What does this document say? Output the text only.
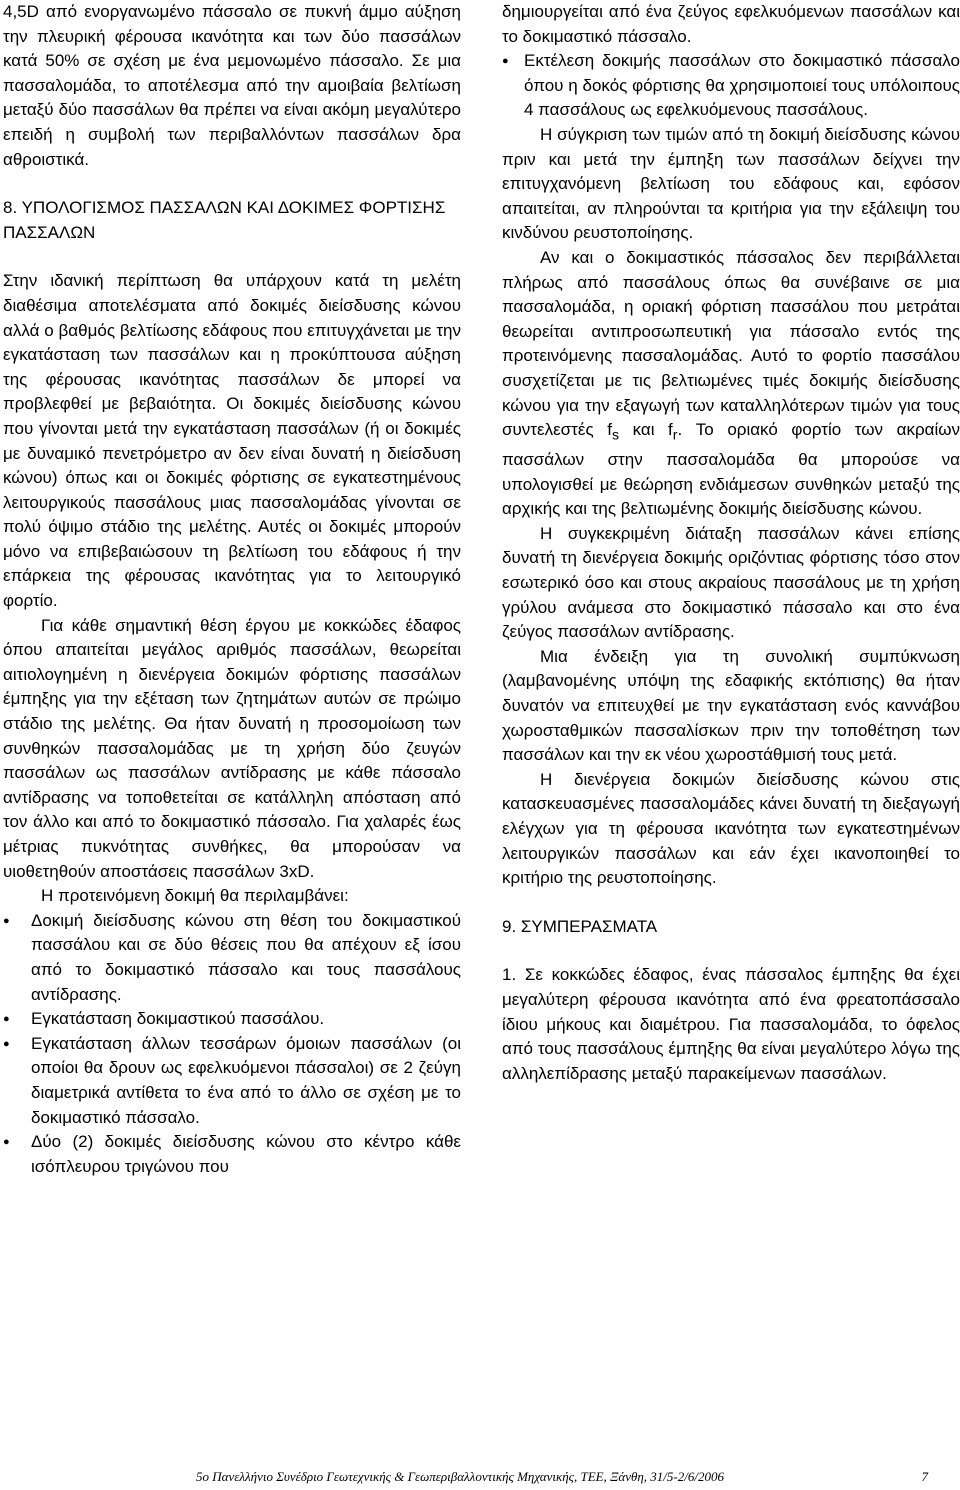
4,5D από ενοργανωμένο πάσσαλο σε πυκνή άμμο αύξηση την πλευρική φέρουσα ικανότητα και των δύο πασσάλων κατά 50% σε σχέση με ένα μεμονωμένο πάσσαλο. Σε μια πασσαλομάδα, το αποτέλεσμα από την αμοιβαία βελτίωση μεταξύ δύο πασσάλων θα πρέπει να είναι ακόμη μεγαλύτερο επειδή η συμβολή των περιβαλλόντων πασσάλων δρα αθροιστικά.

8. ΥΠΟΛΟΓΙΣΜΟΣ ΠΑΣΣΑΛΩΝ ΚΑΙ ΔΟΚΙΜΕΣ ΦΟΡΤΙΣΗΣ ΠΑΣΣΑΛΩΝ

Στην ιδανική περίπτωση θα υπάρχουν κατά τη μελέτη διαθέσιμα αποτελέσματα από δοκιμές διείσδυσης κώνου αλλά ο βαθμός βελτίωσης εδάφους που επιτυγχάνεται με την εγκατάσταση των πασσάλων και η προκύπτουσα αύξηση της φέρουσας ικανότητας πασσάλων δε μπορεί να προβλεφθεί με βεβαιότητα. Οι δοκιμές διείσδυσης κώνου που γίνονται μετά την εγκατάσταση πασσάλων (ή οι δοκιμές με δυναμικό πενετρόμετρο αν δεν είναι δυνατή η διείσδυση κώνου) όπως και οι δοκιμές φόρτισης σε εγκατεστημένους λειτουργικούς πασσάλους μιας πασσαλομάδας γίνονται σε πολύ όψιμο στάδιο της μελέτης. Αυτές οι δοκιμές μπορούν μόνο να επιβεβαιώσουν τη βελτίωση του εδάφους ή την επάρκεια της φέρουσας ικανότητας για το λειτουργικό φορτίο.

Για κάθε σημαντική θέση έργου με κοκκώδες έδαφος όπου απαιτείται μεγάλος αριθμός πασσάλων, θεωρείται αιτιολογημένη η διενέργεια δοκιμών φόρτισης πασσάλων έμπηξης για την εξέταση των ζητημάτων αυτών σε πρώιμο στάδιο της μελέτης. Θα ήταν δυνατή η προσομοίωση των συνθηκών πασσαλομάδας με τη χρήση δύο ζευγών πασσάλων ως πασσάλων αντίδρασης με κάθε πάσσαλο αντίδρασης να τοποθετείται σε κατάλληλη απόσταση από τον άλλο και από το δοκιμαστικό πάσσαλο. Για χαλαρές έως μέτριας πυκνότητας συνθήκες, θα μπορούσαν να υιοθετηθούν αποστάσεις πασσάλων 3xD.

Η προτεινόμενη δοκιμή θα περιλαμβάνει:

●	Δοκιμή διείσδυσης κώνου στη θέση του δοκιμαστικού πασσάλου και σε δύο θέσεις που θα απέχουν εξ ίσου από το δοκιμαστικό πάσσαλο και τους πασσάλους αντίδρασης.
●	Εγκατάσταση δοκιμαστικού πασσάλου.
●	Εγκατάσταση άλλων τεσσάρων όμοιων πασσάλων (οι οποίοι θα δρουν ως εφελκυόμενοι πάσσαλοι) σε 2 ζεύγη διαμετρικά αντίθετα το ένα από το άλλο σε σχέση με το δοκιμαστικό πάσσαλο.
●	Δύο (2) δοκιμές διείσδυσης κώνου στο κέντρο κάθε ισόπλευρου τριγώνου που

δημιουργείται από ένα ζεύγος εφελκυόμενων πασσάλων και το δοκιμαστικό πάσσαλο.

● Εκτέλεση δοκιμής πασσάλων στο δοκιμαστικό πάσσαλο όπου η δοκός φόρτισης θα χρησιμοποιεί τους υπόλοιπους 4 πασσάλους ως εφελκυόμενους πασσάλους.

Η σύγκριση των τιμών από τη δοκιμή διείσδυσης κώνου πριν και μετά την έμπηξη των πασσάλων δείχνει την επιτυγχανόμενη βελτίωση του εδάφους και, εφόσον απαιτείται, αν πληρούνται τα κριτήρια για την εξάλειψη του κινδύνου ρευστοποίησης.

Αν και ο δοκιμαστικός πάσσαλος δεν περιβάλλεται πλήρως από πασσάλους όπως θα συνέβαινε σε μια πασσαλομάδα, η οριακή φόρτιση πασσάλου που μετράται θεωρείται αντιπροσωπευτική για πάσσαλο εντός της προτεινόμενης πασσαλομάδας. Αυτό το φορτίο πασσάλου συσχετίζεται με τις βελτιωμένες τιμές δοκιμής διείσδυσης κώνου για την εξαγωγή των καταλληλότερων τιμών για τους συντελεστές $f_s$ και $f_r$. Το οριακό φορτίο των ακραίων πασσάλων στην πασσαλομάδα θα μπορούσε να υπολογισθεί με θεώρηση ενδιάμεσων συνθηκών μεταξύ της αρχικής και της βελτιωμένης δοκιμής διείσδυσης κώνου.

Η συγκεκριμένη διάταξη πασσάλων κάνει επίσης δυνατή τη διενέργεια δοκιμής οριζόντιας φόρτισης τόσο στον εσωτερικό όσο και στους ακραίους πασσάλους με τη χρήση γρύλου ανάμεσα στο δοκιμαστικό πάσσαλο και στο ένα ζεύγος πασσάλων αντίδρασης.

Μια ένδειξη για τη συνολική συμπύκνωση (λαμβανομένης υπόψη της εδαφικής εκτόπισης) θα ήταν δυνατόν να επιτευχθεί με την εγκατάσταση ενός καννάβου χωροσταθμικών πασσαλίσκων πριν την τοποθέτηση των πασσάλων και την εκ νέου χωροστάθμισή τους μετά.

Η διενέργεια δοκιμών διείσδυσης κώνου στις κατασκευασμένες πασσαλομάδες κάνει δυνατή τη διεξαγωγή ελέγχων για τη φέρουσα ικανότητα των εγκατεστημένων λειτουργικών πασσάλων και εάν έχει ικανοποιηθεί το κριτήριο της ρευστοποίησης.

9. ΣΥΜΠΕΡΑΣΜΑΤΑ

1. Σε κοκκώδες έδαφος, ένας πάσσαλος έμπηξης θα έχει μεγαλύτερη φέρουσα ικανότητα από ένα φρεατοπάσσαλο ίδιου μήκους και διαμέτρου. Για πασσαλομάδα, το όφελος από τους πασσάλους έμπηξης θα είναι μεγαλύτερο λόγω της αλληλεπίδρασης μεταξύ παρακείμενων πασσάλων.

5ο Πανελλήνιο Συνέδριο Γεωτεχνικής & Γεωπεριβαλλοντικής Μηχανικής, ΤΕΕ, Ξάνθη, 31/5-2/6/2006	7
